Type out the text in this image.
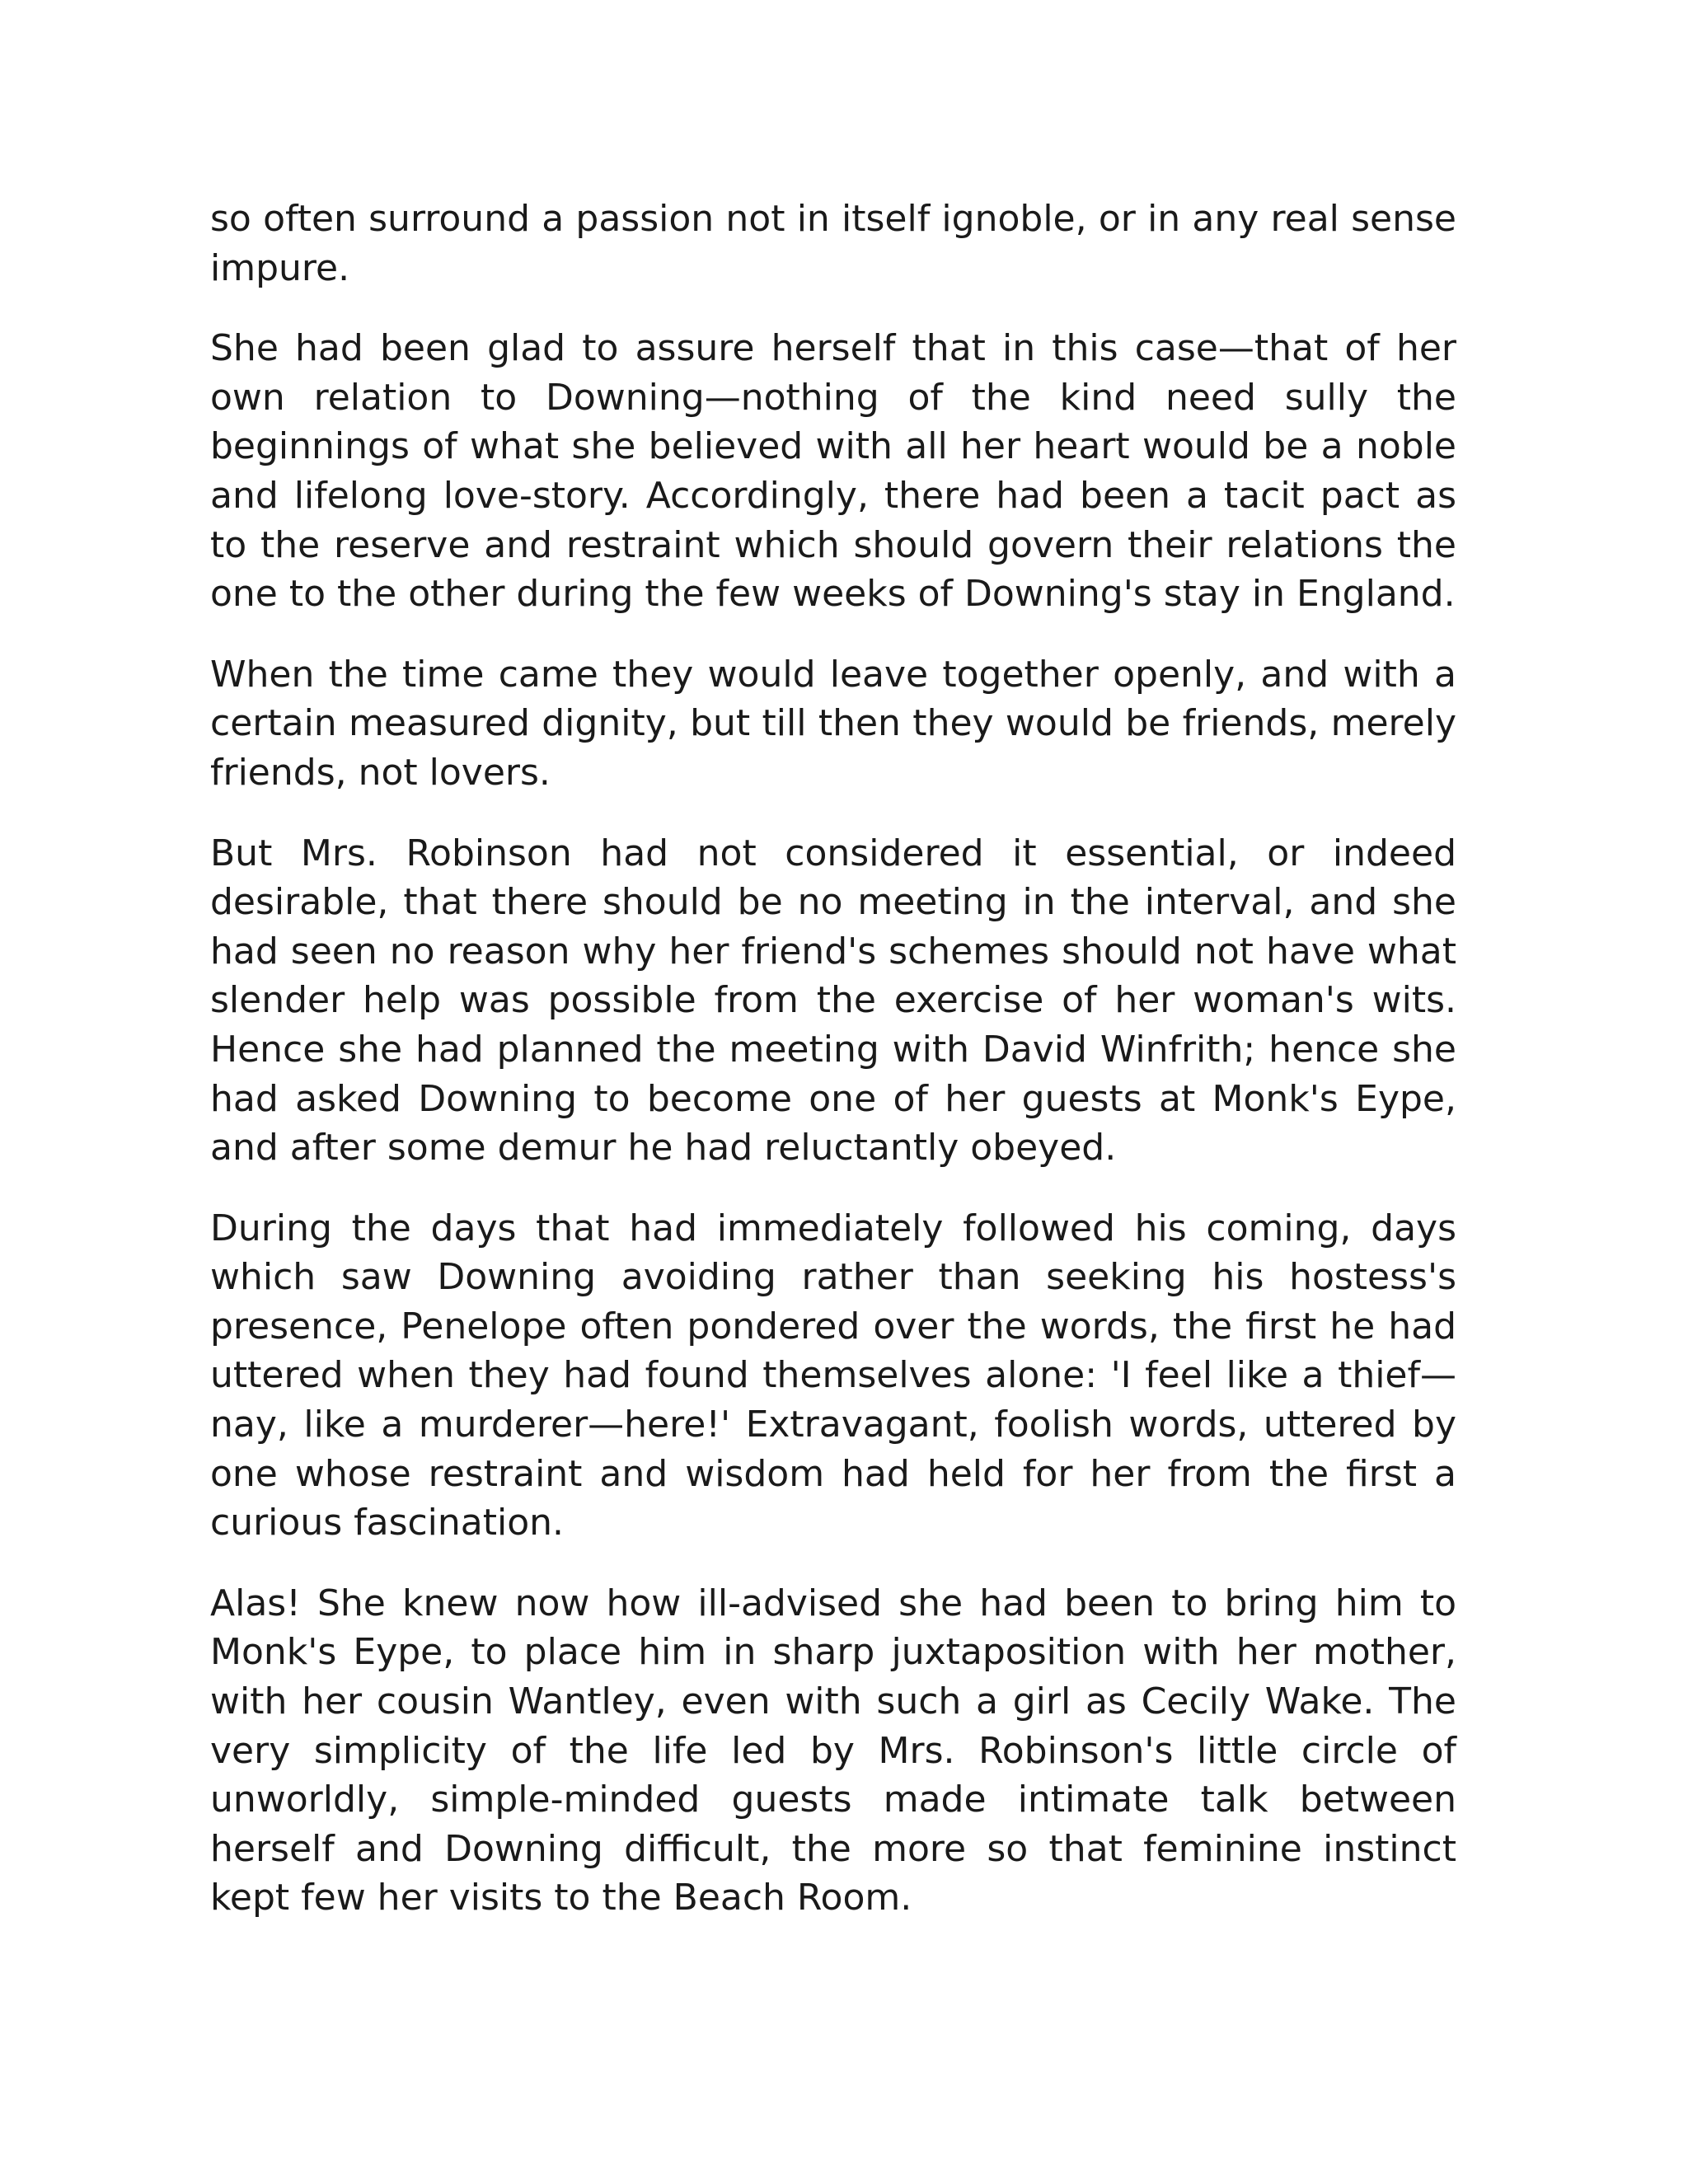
so often surround a passion not in itself ignoble, or in any real sense impure.

She had been glad to assure herself that in this case—that of her own relation to Downing—nothing of the kind need sully the beginnings of what she believed with all her heart would be a noble and lifelong love-story. Accordingly, there had been a tacit pact as to the reserve and restraint which should govern their relations the one to the other during the few weeks of Downing's stay in England.

When the time came they would leave together openly, and with a certain measured dignity, but till then they would be friends, merely friends, not lovers.

But Mrs. Robinson had not considered it essential, or indeed desirable, that there should be no meeting in the interval, and she had seen no reason why her friend's schemes should not have what slender help was possible from the exercise of her woman's wits. Hence she had planned the meeting with David Winfrith; hence she had asked Downing to become one of her guests at Monk's Eype, and after some demur he had reluctantly obeyed.

During the days that had immediately followed his coming, days which saw Downing avoiding rather than seeking his hostess's presence, Penelope often pondered over the words, the first he had uttered when they had found themselves alone: 'I feel like a thief—nay, like a murderer—here!' Extravagant, foolish words, uttered by one whose restraint and wisdom had held for her from the first a curious fascination.

Alas! She knew now how ill-advised she had been to bring him to Monk's Eype, to place him in sharp juxtaposition with her mother, with her cousin Wantley, even with such a girl as Cecily Wake. The very simplicity of the life led by Mrs. Robinson's little circle of unworldly, simple-minded guests made intimate talk between herself and Downing difficult, the more so that feminine instinct kept few her visits to the Beach Room.
